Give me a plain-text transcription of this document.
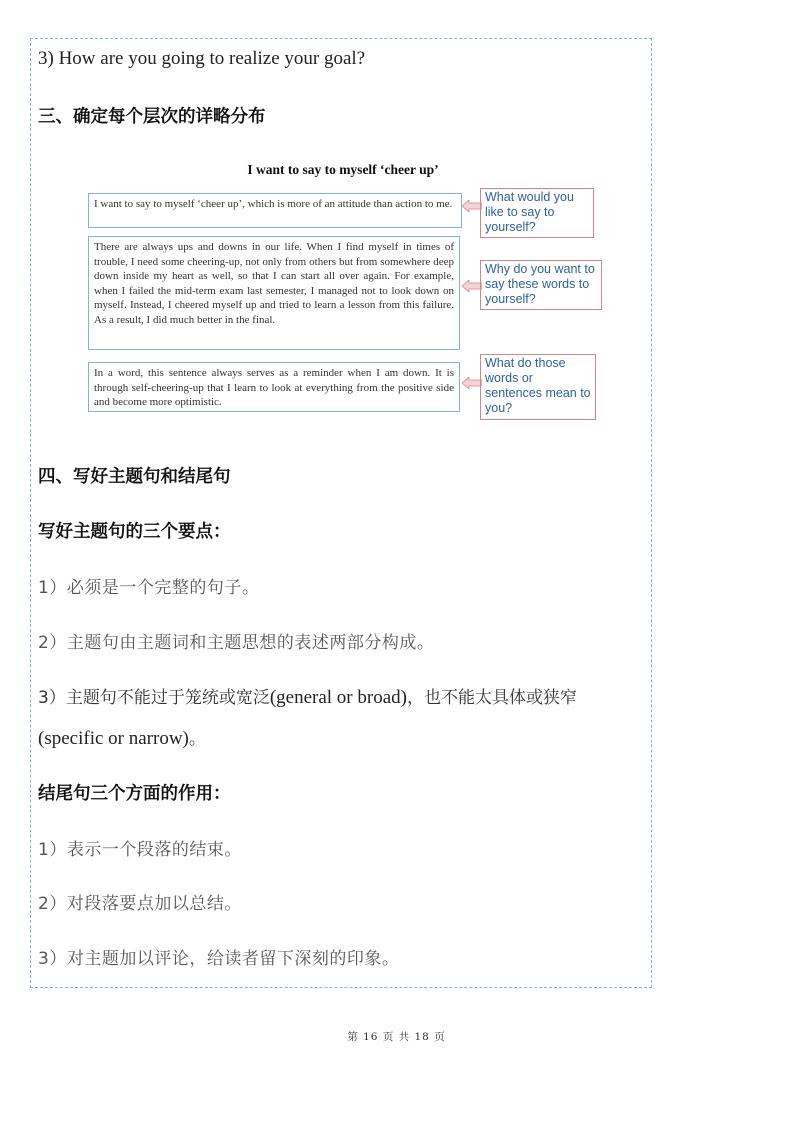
3) How are you going to realize your goal?
三、确定每个层次的详略分布
I want to say to myself ‘cheer up’
I want to say to myself ‘cheer up’, which is more of an attitude than action to me.
There are always ups and downs in our life. When I find myself in times of trouble, I need some cheering-up, not only from others but from somewhere deep down inside my heart as well, so that I can start all over again. For example, when I failed the mid-term exam last semester, I managed not to look down on myself. Instead, I cheered myself up and tried to learn a lesson from this failure. As a result, I did much better in the final.
In a word, this sentence always serves as a reminder when I am down. It is through self-cheering-up that I learn to look at everything from the positive side and become more optimistic.
What would you like to say to yourself?
Why do you want to say these words to yourself?
What do those words or sentences mean to you?
四、写好主题句和结尾句
写好主题句的三个要点：
1）必须是一个完整的句子。
2）主题句由主题词和主题思想的表述两部分构成。
3）主题句不能过于笼统或宽泛(general or broad)，也不能太具体或狭窄
(specific or narrow)。
结尾句三个方面的作用：
1）表示一个段落的结束。
2）对段落要点加以总结。
3）对主题加以评论，给读者留下深刻的印象。
第 16 页 共 18 页
